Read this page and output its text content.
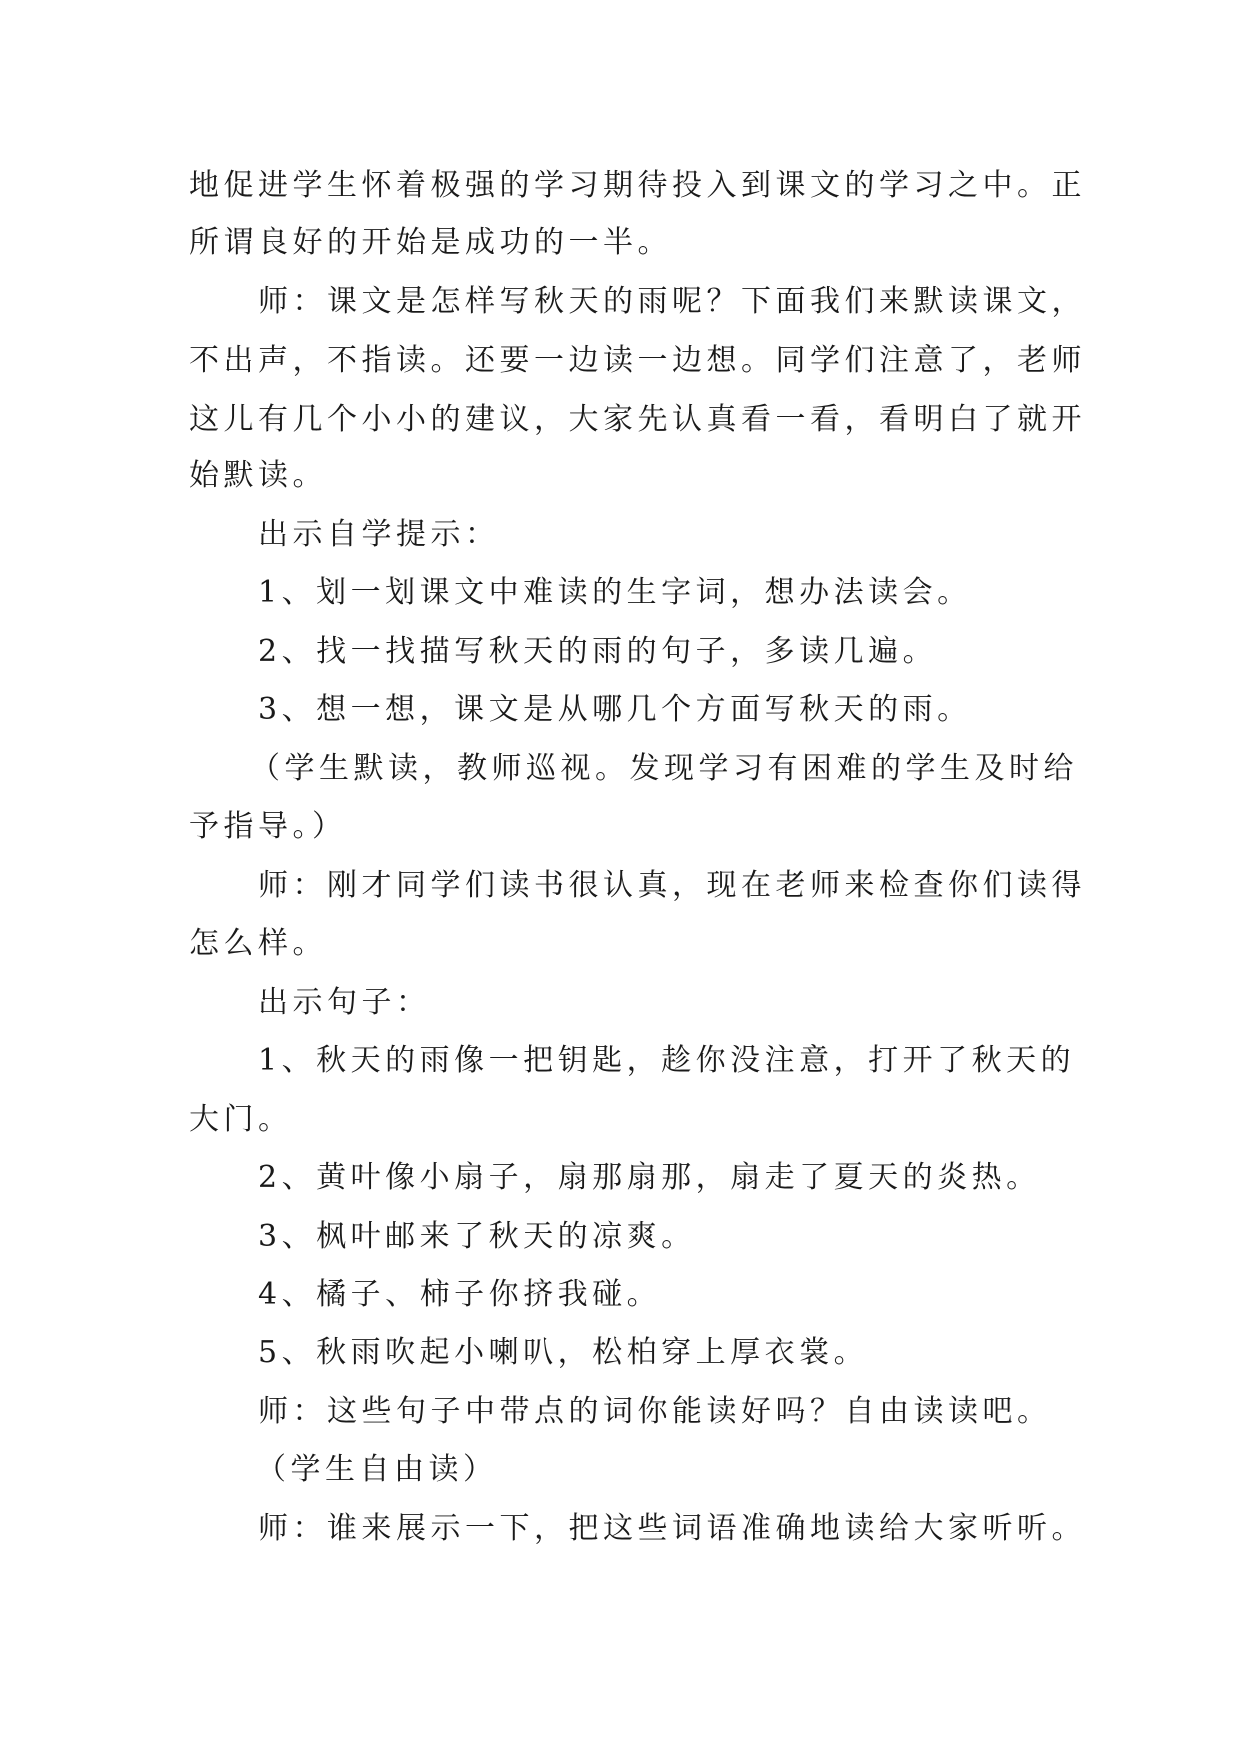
地促进学生怀着极强的学习期待投入到课文的学习之中。正
所谓良好的开始是成功的一半。
师：课文是怎样写秋天的雨呢？下面我们来默读课文，
不出声，不指读。还要一边读一边想。同学们注意了，老师
这儿有几个小小的建议，大家先认真看一看，看明白了就开
始默读。
出示自学提示：
1、划一划课文中难读的生字词，想办法读会。
2、找一找描写秋天的雨的句子，多读几遍。
3、想一想，课文是从哪几个方面写秋天的雨。
（学生默读，教师巡视。发现学习有困难的学生及时给
予指导。）
师：刚才同学们读书很认真，现在老师来检查你们读得
怎么样。
出示句子：
1、秋天的雨像一把钥匙，趁你没注意，打开了秋天的
大门。
2、黄叶像小扇子，扇那扇那，扇走了夏天的炎热。
3、枫叶邮来了秋天的凉爽。
4、橘子、柿子你挤我碰。
5、秋雨吹起小喇叭，松柏穿上厚衣裳。
师：这些句子中带点的词你能读好吗？自由读读吧。
（学生自由读）
师：谁来展示一下，把这些词语准确地读给大家听听。
